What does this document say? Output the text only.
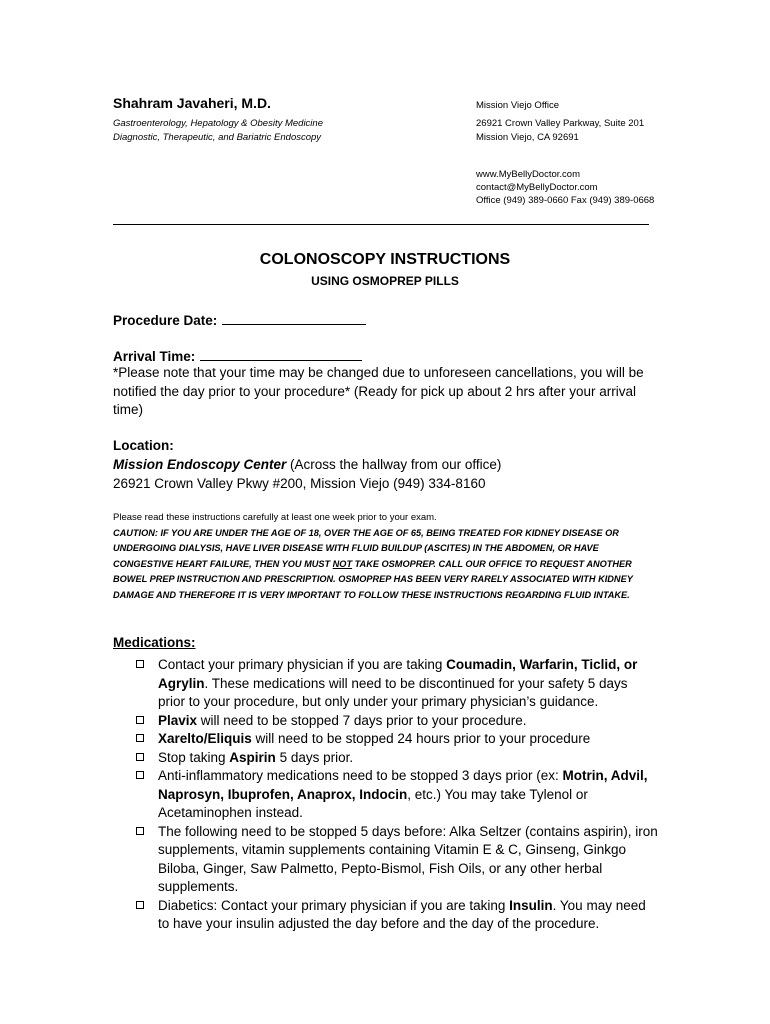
Shahram Javaheri, M.D.
Gastroenterology, Hepatology & Obesity Medicine
Diagnostic, Therapeutic, and Bariatric Endoscopy
Mission Viejo Office
26921 Crown Valley Parkway, Suite 201
Mission Viejo, CA 92691
www.MyBellyDoctor.com
contact@MyBellyDoctor.com
Office (949) 389-0660 Fax (949) 389-0668
COLONOSCOPY INSTRUCTIONS
USING OSMOPREP PILLS
Procedure Date:
Arrival Time:
*Please note that your time may be changed due to unforeseen cancellations, you will be notified the day prior to your procedure* (Ready for pick up about 2 hrs after your arrival time)
Location:
Mission Endoscopy Center (Across the hallway from our office)
26921 Crown Valley Pkwy #200, Mission Viejo (949) 334-8160
Please read these instructions carefully at least one week prior to your exam.
CAUTION: IF YOU ARE UNDER THE AGE OF 18, OVER THE AGE OF 65, BEING TREATED FOR KIDNEY DISEASE OR UNDERGOING DIALYSIS, HAVE LIVER DISEASE WITH FLUID BUILDUP (ASCITES) IN THE ABDOMEN, OR HAVE CONGESTIVE HEART FAILURE, THEN YOU MUST NOT TAKE OSMOPREP. CALL OUR OFFICE TO REQUEST ANOTHER BOWEL PREP INSTRUCTION AND PRESCRIPTION. OSMOPREP HAS BEEN VERY RARELY ASSOCIATED WITH KIDNEY DAMAGE AND THEREFORE IT IS VERY IMPORTANT TO FOLLOW THESE INSTRUCTIONS REGARDING FLUID INTAKE.
Medications:
Contact your primary physician if you are taking Coumadin, Warfarin, Ticlid, or Agrylin. These medications will need to be discontinued for your safety 5 days prior to your procedure, but only under your primary physician’s guidance.
Plavix will need to be stopped 7 days prior to your procedure.
Xarelto/Eliquis will need to be stopped 24 hours prior to your procedure
Stop taking Aspirin 5 days prior.
Anti-inflammatory medications need to be stopped 3 days prior (ex: Motrin, Advil, Naprosyn, Ibuprofen, Anaprox, Indocin, etc.) You may take Tylenol or Acetaminophen instead.
The following need to be stopped 5 days before: Alka Seltzer (contains aspirin), iron supplements, vitamin supplements containing Vitamin E & C, Ginseng, Ginkgo Biloba, Ginger, Saw Palmetto, Pepto-Bismol, Fish Oils, or any other herbal supplements.
Diabetics: Contact your primary physician if you are taking Insulin. You may need to have your insulin adjusted the day before and the day of the procedure.
